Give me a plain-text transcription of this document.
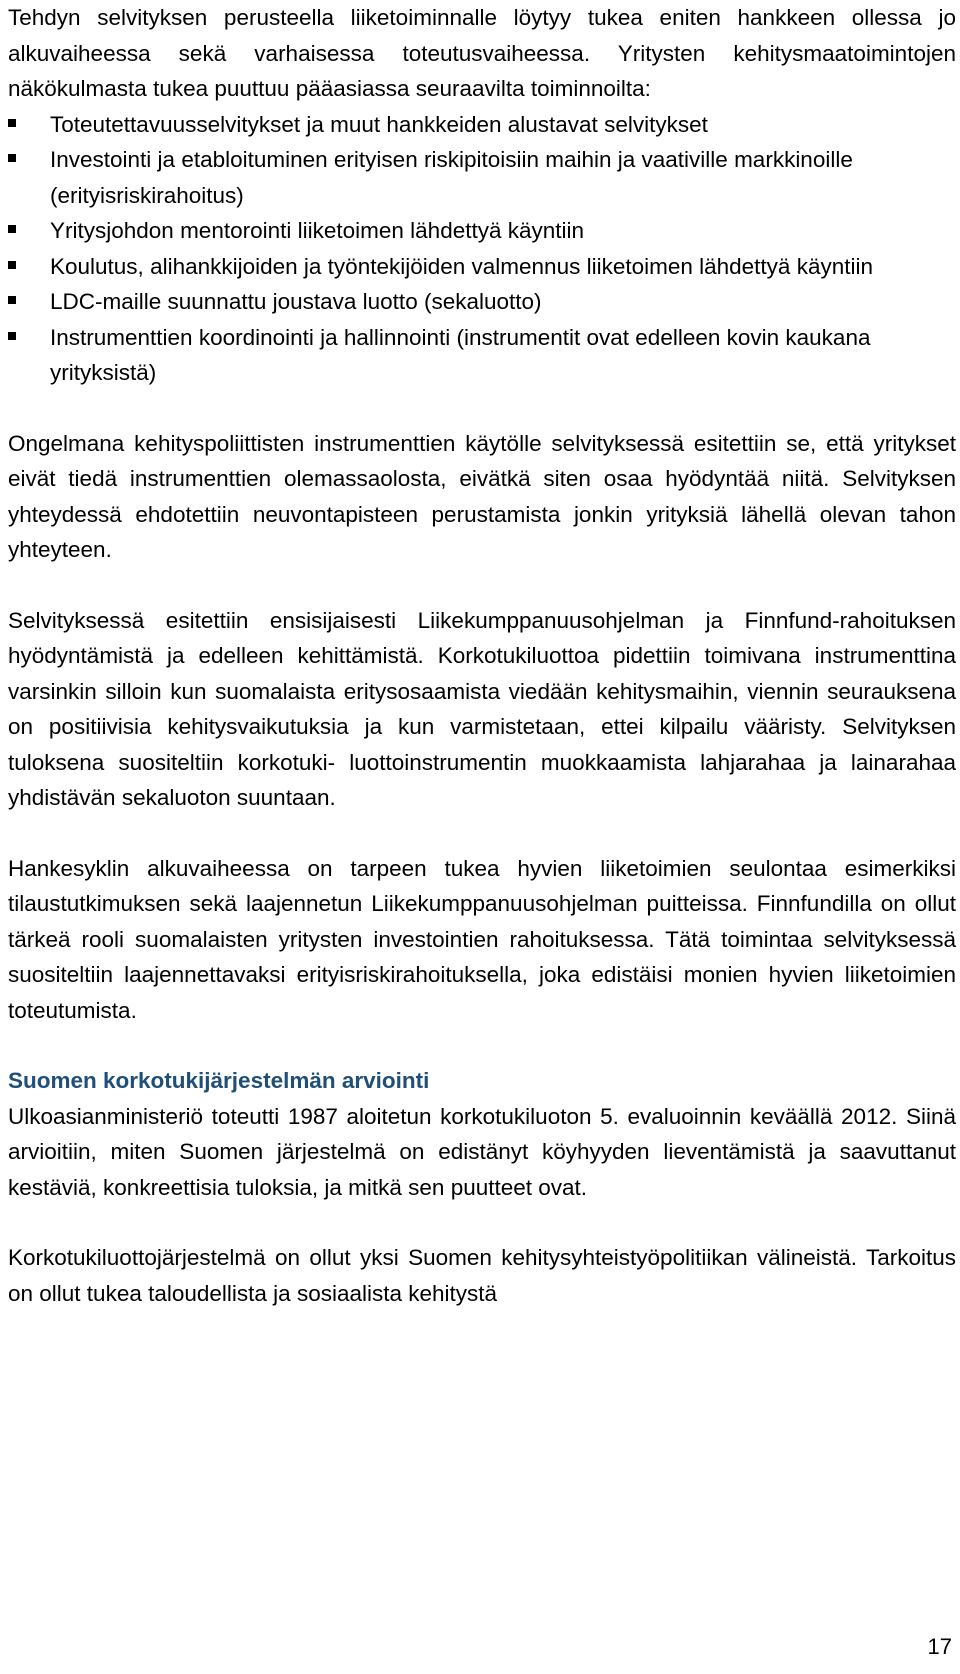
Tehdyn selvityksen perusteella liiketoiminnalle löytyy tukea eniten hankkeen ollessa jo alkuvaiheessa sekä varhaisessa toteutusvaiheessa. Yritysten kehitysmaatoimintojen näkökulmasta tukea puuttuu pääasiassa seuraavilta toiminnoilta:

Toteutettavuusselvitykset ja muut hankkeiden alustavat selvitykset
Investointi ja etabloituminen erityisen riskipitoisiin maihin ja vaativille markkinoille (erityisriskirahoitus)
Yritysjohdon mentorointi liiketoimen lähdettyä käyntiin
Koulutus, alihankkijoiden ja työntekijöiden valmennus liiketoimen lähdettyä käyntiin
LDC-maille suunnattu joustava luotto (sekaluotto)
Instrumenttien koordinointi ja hallinnointi (instrumentit ovat edelleen kovin kaukana yrityksistä)

Ongelmana kehityspoliittisten instrumenttien käytölle selvityksessä esitettiin se, että yritykset eivät tiedä instrumenttien olemassaolosta, eivätkä siten osaa hyödyntää niitä. Selvityksen yhteydessä ehdotettiin neuvontapisteen perustamista jonkin yrityksiä lähellä olevan tahon yhteyteen.

Selvityksessä esitettiin ensisijaisesti Liikekumppanuusohjelman ja Finnfund-rahoituksen hyödyntämistä ja edelleen kehittämistä. Korkotukiluottoa pidettiin toimivana instrumenttina varsinkin silloin kun suomalaista eritysosaamista viedään kehitysmaihin, viennin seurauksena on positiivisia kehitysvaikutuksia ja kun varmistetaan, ettei kilpailu vääristy. Selvityksen tuloksena suositeltiin korkotuki- luottoinstrumentin muokkaamista lahjarahaa ja lainarahaa yhdistävän sekaluoton suuntaan.

Hankesyklin alkuvaiheessa on tarpeen tukea hyvien liiketoimien seulontaa esimerkiksi tilaustutkimuksen sekä laajennetun Liikekumppanuusohjelman puitteissa. Finnfundilla on ollut tärkeä rooli suomalaisten yritysten investointien rahoituksessa. Tätä toimintaa selvityksessä suositeltiin laajennettavaksi erityisriskirahoituksella, joka edistäisi monien hyvien liiketoimien toteutumista.

Suomen korkotukijärjestelmän arviointi

Ulkoasianministeriö toteutti 1987 aloitetun korkotukiluoton 5. evaluoinnin keväällä 2012. Siinä arvioitiin, miten Suomen järjestelmä on edistänyt köyhyyden lieventämistä ja saavuttanut kestäviä, konkreettisia tuloksia, ja mitkä sen puutteet ovat.

Korkotukiluottojärjestelmä on ollut yksi Suomen kehitysyhteistyöpolitiikan välineistä. Tarkoitus on ollut tukea taloudellista ja sosiaalista kehitystä

17
